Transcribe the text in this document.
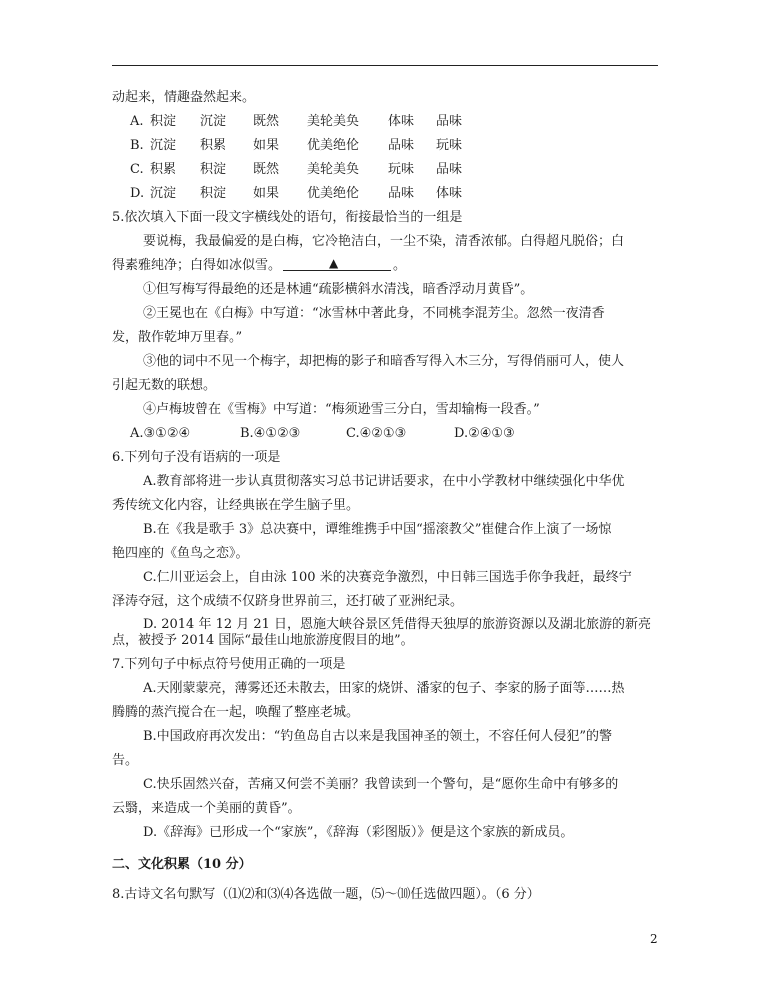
动起来，情趣盎然起来。
A. 积淀 沉淀 既然 美轮美奂 体味 品味
B. 沉淀 积累 如果 优美绝伦 品味 玩味
C. 积累 积淀 既然 美轮美奂 玩味 品味
D. 沉淀 积淀 如果 优美绝伦 品味 体味
5.依次填入下面一段文字横线处的语句，衔接最恰当的一组是
要说梅，我最偏爱的是白梅，它冷艳洁白，一尘不染，清香浓郁。白得超凡脱俗；白
得素雅纯净；白得如冰似雪。	▲	。
①但写梅写得最绝的还是林逋“疏影横斜水清浅，暗香浮动月黄昏”。
②王冕也在《白梅》中写道：“冰雪林中著此身，不同桃李混芳尘。忽然一夜清香
发，散作乾坤万里春。”
③他的词中不见一个梅字，却把梅的影子和暗香写得入木三分，写得俏丽可人，使人
引起无数的联想。
④卢梅坡曾在《雪梅》中写道：“梅须逊雪三分白，雪却输梅一段香。”
A.③①②④	B.④①②③	C.④②①③	D.②④①③
6.下列句子没有语病的一项是
A.教育部将进一步认真贯彻落实习总书记讲话要求，在中小学教材中继续强化中华优
秀传统文化内容，让经典嵌在学生脑子里。
B.在《我是歌手 3》总决赛中，谭维维携手中国“摇滚教父”崔健合作上演了一场惊
艳四座的《鱼鸟之恋》。
C.仁川亚运会上，自由泳 100 米的决赛竞争激烈，中日韩三国选手你争我赶，最终宁
泽涛夺冠，这个成绩不仅跻身世界前三，还打破了亚洲纪录。
D. 2014 年 12 月 21 日，恩施大峡谷景区凭借得天独厚的旅游资源以及湖北旅游的新亮
点，被授予 2014 国际“最佳山地旅游度假目的地”。
7.下列句子中标点符号使用正确的一项是
A.天刚蒙蒙亮，薄雾还还未散去，田家的烧饼、潘家的包子、李家的肠子面等……热
腾腾的蒸汽搅合在一起，唤醒了整座老城。
B.中国政府再次发出：“钓鱼岛自古以来是我国神圣的领土，不容任何人侵犯”的警
告。
C.快乐固然兴奋，苦痛又何尝不美丽？我曾读到一个警句，是“愿你生命中有够多的
云翳，来造成一个美丽的黄昏”。
D.《辞海》已形成一个“家族”，《辞海（彩图版）》便是这个家族的新成员。
二、文化积累（10 分）
8.古诗文名句默写（⑴⑵和⑶⑷各选做一题，⑸～⑽任选做四题）。（6 分）
2
